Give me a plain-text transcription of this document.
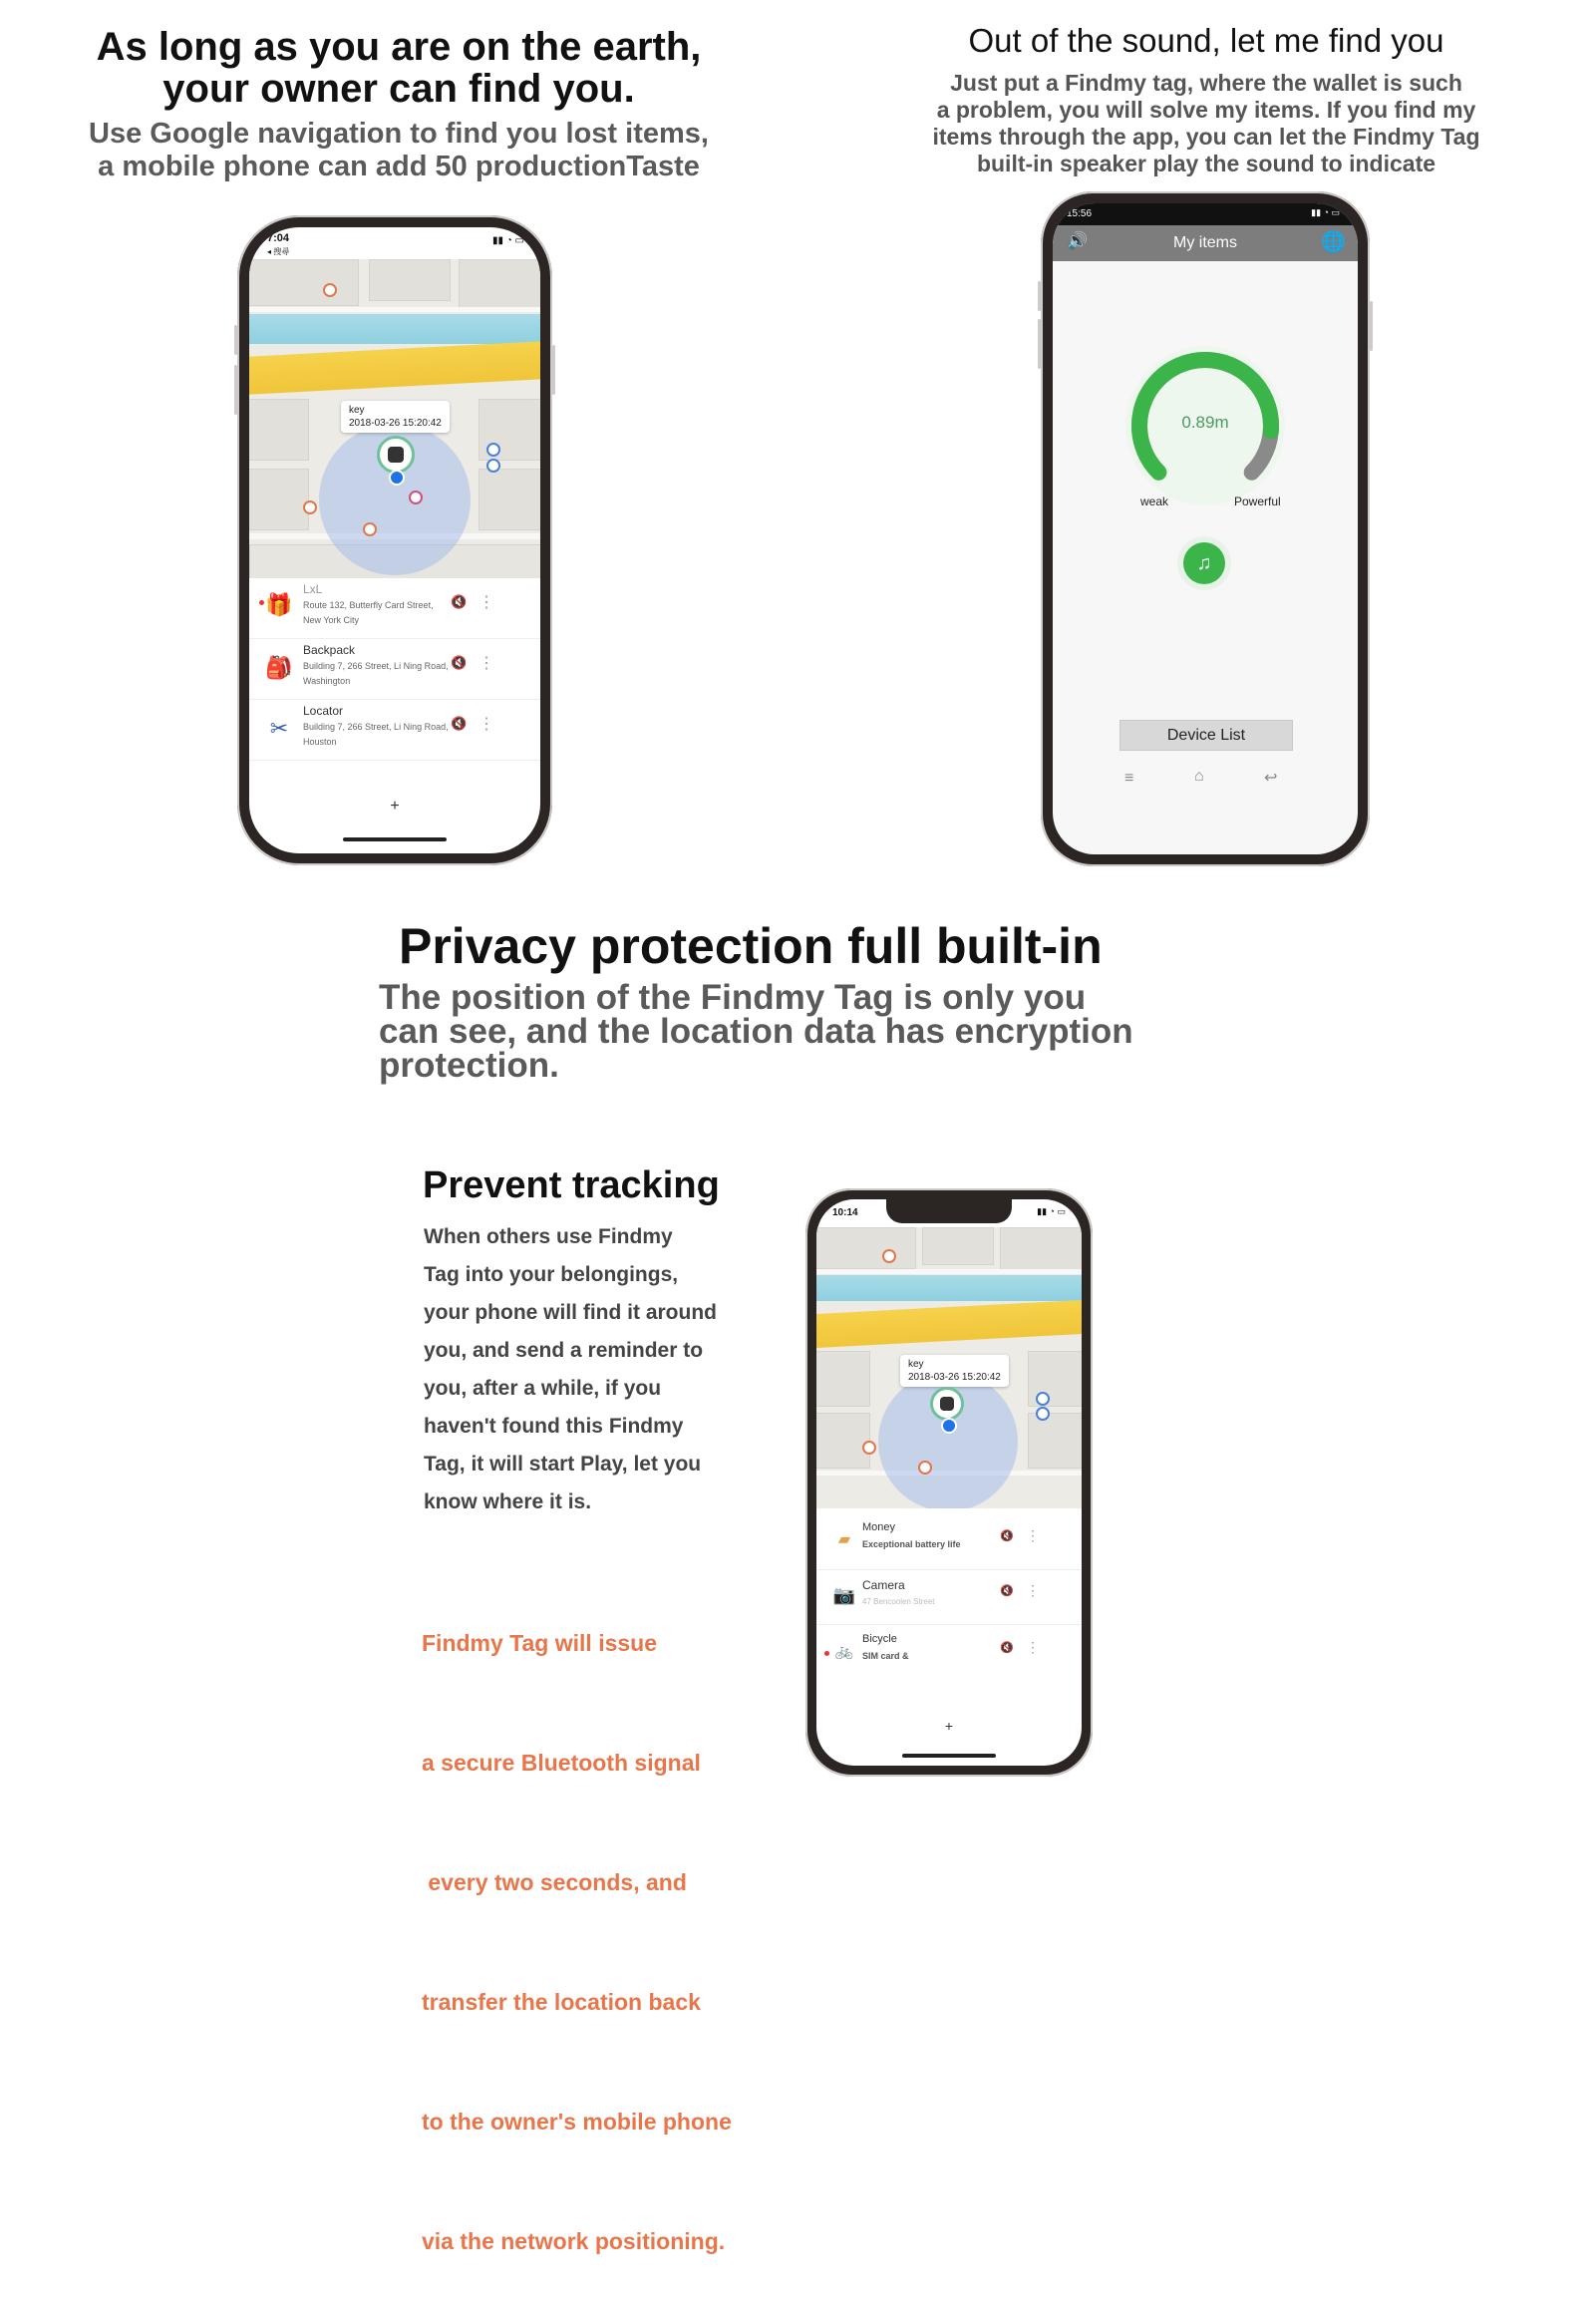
As long as you are on the earth,
your owner can find you.
Use Google navigation to find you lost items,
a mobile phone can add 50 productionTaste
Out of the sound, let me find you
Just put a Findmy tag, where the wallet is such
a problem, you will solve my items. If you find my
items through the app, you can let the Findmy Tag
built-in speaker play the sound to indicate
7:04
◂ 搜尋
▮▮ ◔ ▭
key
2018-03-26 15:20:42
🎁
LxL
Route 132, Butterfly Card Street,
New York City
🔇 ⋮
🎒
Backpack
Building 7, 266 Street, Li Ning Road,
Washington
🔇 ⋮
✂
Locator
Building 7, 266 Street, Li Ning Road,
Houston
🔇 ⋮
+
15:56	▮▮ ◔ ▭
🔊	My items	🌐
0.89m
weak	Powerful
♫
Device List
≡	⌂	↩
Privacy protection full built-in
The position of the Findmy Tag is only you
can see, and the location data has encryption
protection.
Prevent tracking
When others use Findmy
Tag into your belongings,
your phone will find it around
you, and send a reminder to
you, after a while, if you
haven't found this Findmy
Tag, it will start Play, let you
know where it is.

Findmy Tag will issue

a secure Bluetooth signal

every two seconds, and

transfer the location back

to the owner's mobile phone

via the network positioning.

10:14	▮▮ ◔ ▭
key
2018-03-26 15:20:42
▰
Money
Exceptional battery life
🔇 ⋮
📷 Camera
47 Bencoolen Street
🔇 ⋮
🚲
Bicycle
SIM card &
🔇 ⋮
+
